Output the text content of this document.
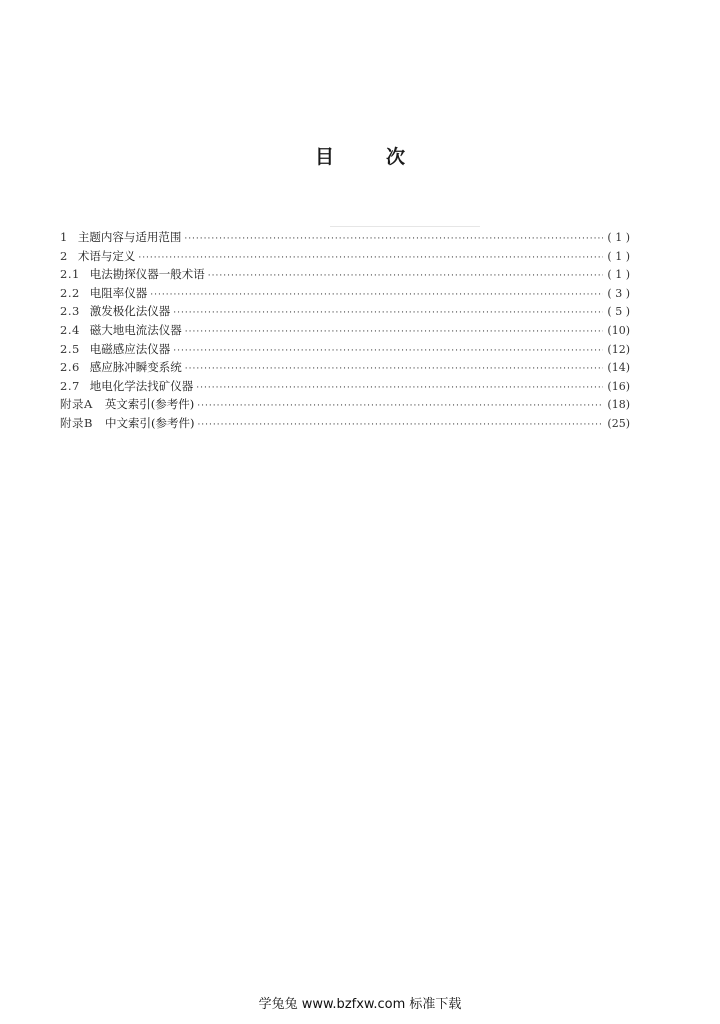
目	次
1 主题内容与适用范围 ·····	( 1 )
2 术语与定义 ·····	( 1 )
2.1 电法勘探仪器一般术语 ·····	( 1 )
2.2 电阻率仪器 ·····	( 3 )
2.3 激发极化法仪器 ·····	( 5 )
2.4 磁大地电流法仪器 ·····	(10)
2.5 电磁感应法仪器 ·····	(12)
2.6 感应脉冲瞬变系统 ·····	(14)
2.7 地电化学法找矿仪器 ·····	(16)
附录A 英文索引(参考件) ·····	(18)
附录B 中文索引(参考件) ·····	(25)
学兔兔 www.bzfxw.com 标准下载
